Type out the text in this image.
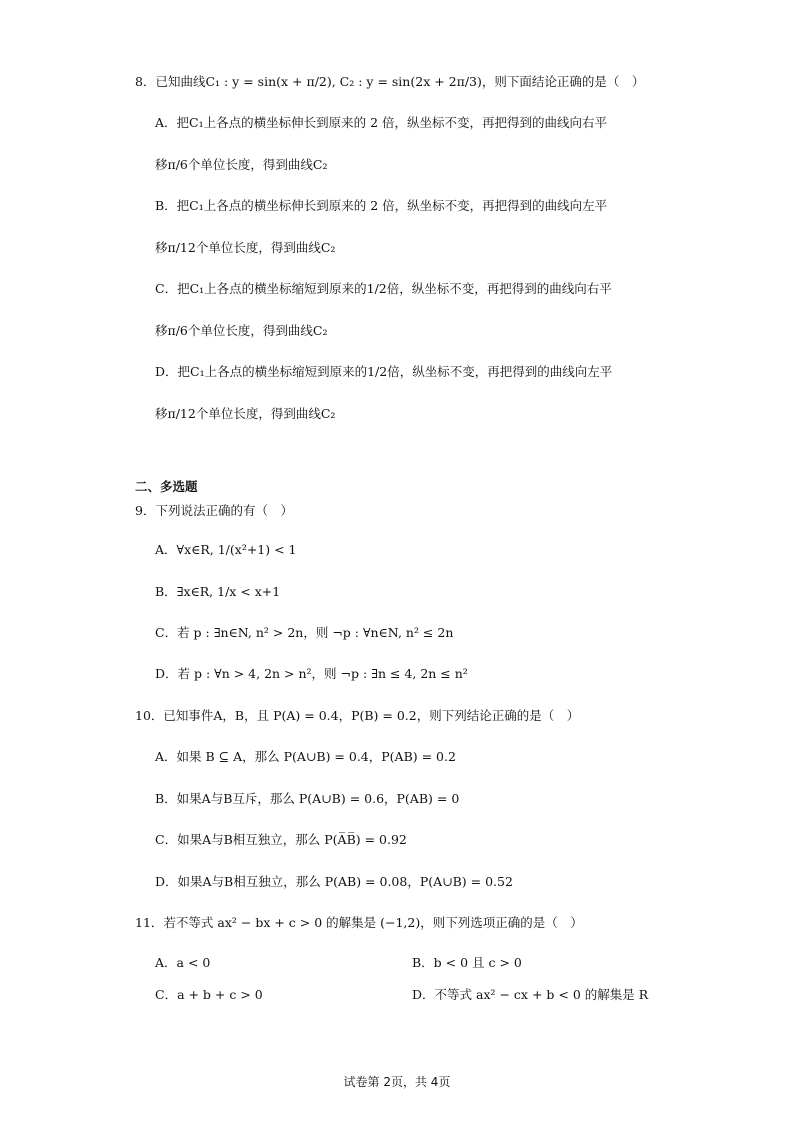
8．已知曲线C₁ : y = sin(x + π/2), C₂ : y = sin(2x + 2π/3)，则下面结论正确的是（　）
A．把C₁上各点的横坐标伸长到原来的 2 倍，纵坐标不变，再把得到的曲线向右平
移π/6个单位长度，得到曲线C₂
B．把C₁上各点的横坐标伸长到原来的 2 倍，纵坐标不变，再把得到的曲线向左平
移π/12个单位长度，得到曲线C₂
C．把C₁上各点的横坐标缩短到原来的1/2倍，纵坐标不变，再把得到的曲线向右平
移π/6个单位长度，得到曲线C₂
D．把C₁上各点的横坐标缩短到原来的1/2倍，纵坐标不变，再把得到的曲线向左平
移π/12个单位长度，得到曲线C₂
二、多选题
9．下列说法正确的有（　）
A．∀x∈R, 1/(x²+1) < 1
B．∃x∈R, 1/x < x+1
C．若 p : ∃n∈N, n² > 2n，则 ¬p : ∀n∈N, n² ≤ 2n
D．若 p : ∀n > 4, 2n > n²，则 ¬p : ∃n ≤ 4, 2n ≤ n²
10．已知事件A，B，且 P(A) = 0.4，P(B) = 0.2，则下列结论正确的是（　）
A．如果 B ⊆ A，那么 P(A∪B) = 0.4，P(AB) = 0.2
B．如果A与B互斥，那么 P(A∪B) = 0.6，P(AB) = 0
C．如果A与B相互独立，那么 P(A̅B̅) = 0.92
D．如果A与B相互独立，那么 P(AB) = 0.08，P(A∪B) = 0.52
11．若不等式 ax² − bx + c > 0 的解集是 (−1,2)，则下列选项正确的是（　）
A．a < 0	B．b < 0 且 c > 0
C．a + b + c > 0	D．不等式 ax² − cx + b < 0 的解集是 R
试卷第 2页，共 4页
